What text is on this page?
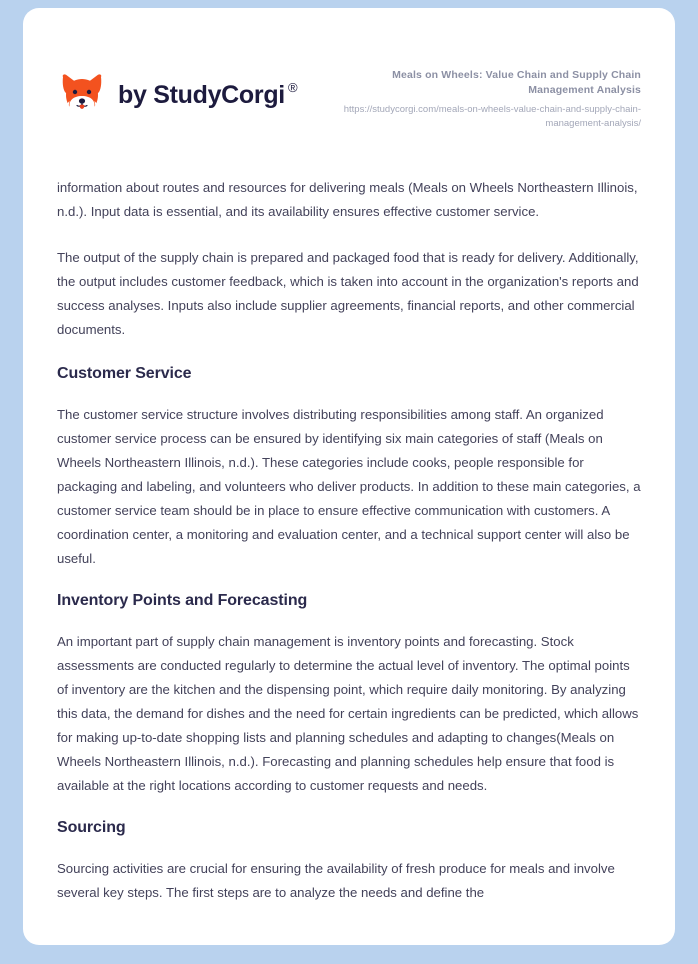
by StudyCorgi ®

Meals on Wheels: Value Chain and Supply Chain Management Analysis

https://studycorgi.com/meals-on-wheels-value-chain-and-supply-chain-management-analysis/

information about routes and resources for delivering meals (Meals on Wheels Northeastern Illinois, n.d.). Input data is essential, and its availability ensures effective customer service.

The output of the supply chain is prepared and packaged food that is ready for delivery. Additionally, the output includes customer feedback, which is taken into account in the organization's reports and success analyses. Inputs also include supplier agreements, financial reports, and other commercial documents.

Customer Service

The customer service structure involves distributing responsibilities among staff. An organized customer service process can be ensured by identifying six main categories of staff (Meals on Wheels Northeastern Illinois, n.d.). These categories include cooks, people responsible for packaging and labeling, and volunteers who deliver products. In addition to these main categories, a customer service team should be in place to ensure effective communication with customers. A coordination center, a monitoring and evaluation center, and a technical support center will also be useful.

Inventory Points and Forecasting

An important part of supply chain management is inventory points and forecasting. Stock assessments are conducted regularly to determine the actual level of inventory. The optimal points of inventory are the kitchen and the dispensing point, which require daily monitoring. By analyzing this data, the demand for dishes and the need for certain ingredients can be predicted, which allows for making up-to-date shopping lists and planning schedules and adapting to changes(Meals on Wheels Northeastern Illinois, n.d.). Forecasting and planning schedules help ensure that food is available at the right locations according to customer requests and needs.

Sourcing

Sourcing activities are crucial for ensuring the availability of fresh produce for meals and involve several key steps. The first steps are to analyze the needs and define the
